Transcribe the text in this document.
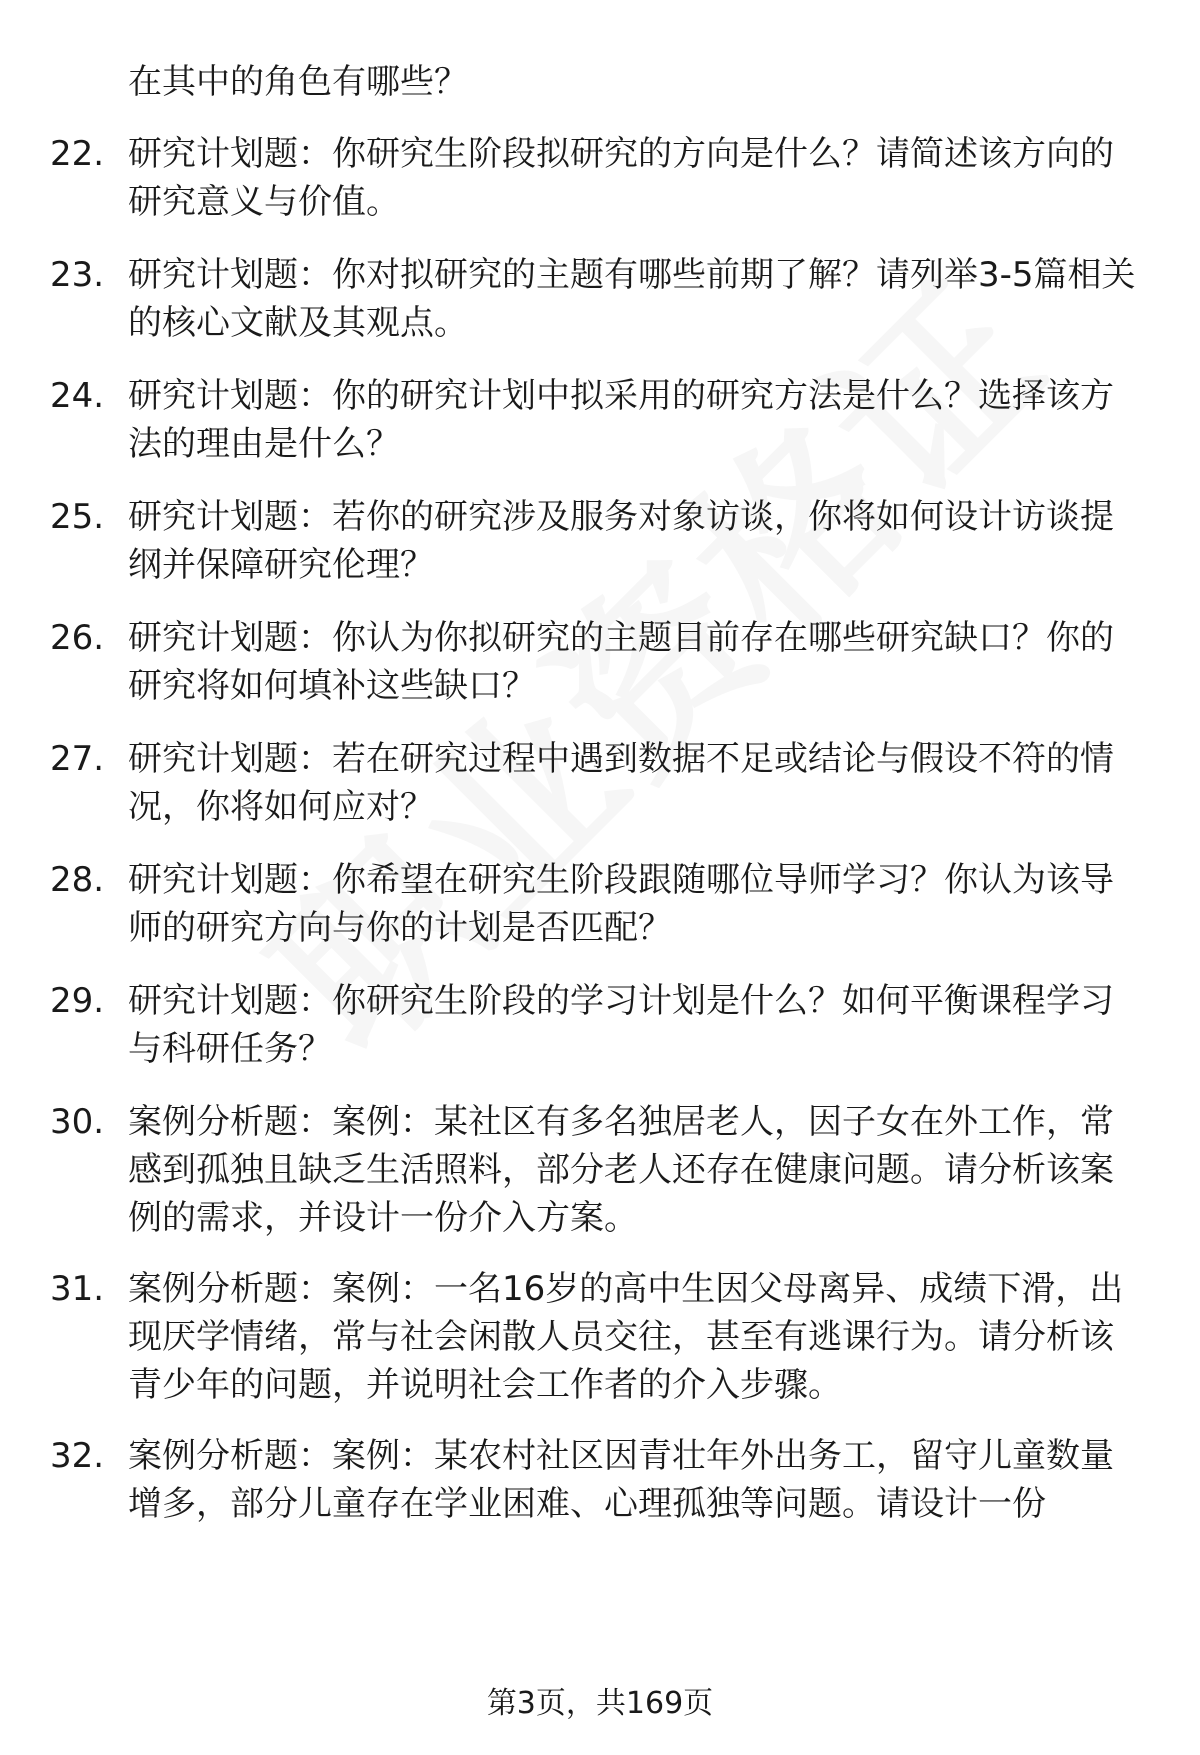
在其中的角色有哪些？
22. 研究计划题：你研究生阶段拟研究的方向是什么？请简述该方向的研究意义与价值。
23. 研究计划题：你对拟研究的主题有哪些前期了解？请列举3-5篇相关的核心文献及其观点。
24. 研究计划题：你的研究计划中拟采用的研究方法是什么？选择该方法的理由是什么？
25. 研究计划题：若你的研究涉及服务对象访谈，你将如何设计访谈提纲并保障研究伦理？
26. 研究计划题：你认为你拟研究的主题目前存在哪些研究缺口？你的研究将如何填补这些缺口？
27. 研究计划题：若在研究过程中遇到数据不足或结论与假设不符的情况，你将如何应对？
28. 研究计划题：你希望在研究生阶段跟随哪位导师学习？你认为该导师的研究方向与你的计划是否匹配？
29. 研究计划题：你研究生阶段的学习计划是什么？如何平衡课程学习与科研任务？
30. 案例分析题：案例：某社区有多名独居老人，因子女在外工作，常感到孤独且缺乏生活照料，部分老人还存在健康问题。请分析该案例的需求，并设计一份介入方案。
31. 案例分析题：案例：一名16岁的高中生因父母离异、成绩下滑，出现厌学情绪，常与社会闲散人员交往，甚至有逃课行为。请分析该青少年的问题，并说明社会工作者的介入步骤。
32. 案例分析题：案例：某农村社区因青壮年外出务工，留守儿童数量增多，部分儿童存在学业困难、心理孤独等问题。请设计一份
第3页，共169页
